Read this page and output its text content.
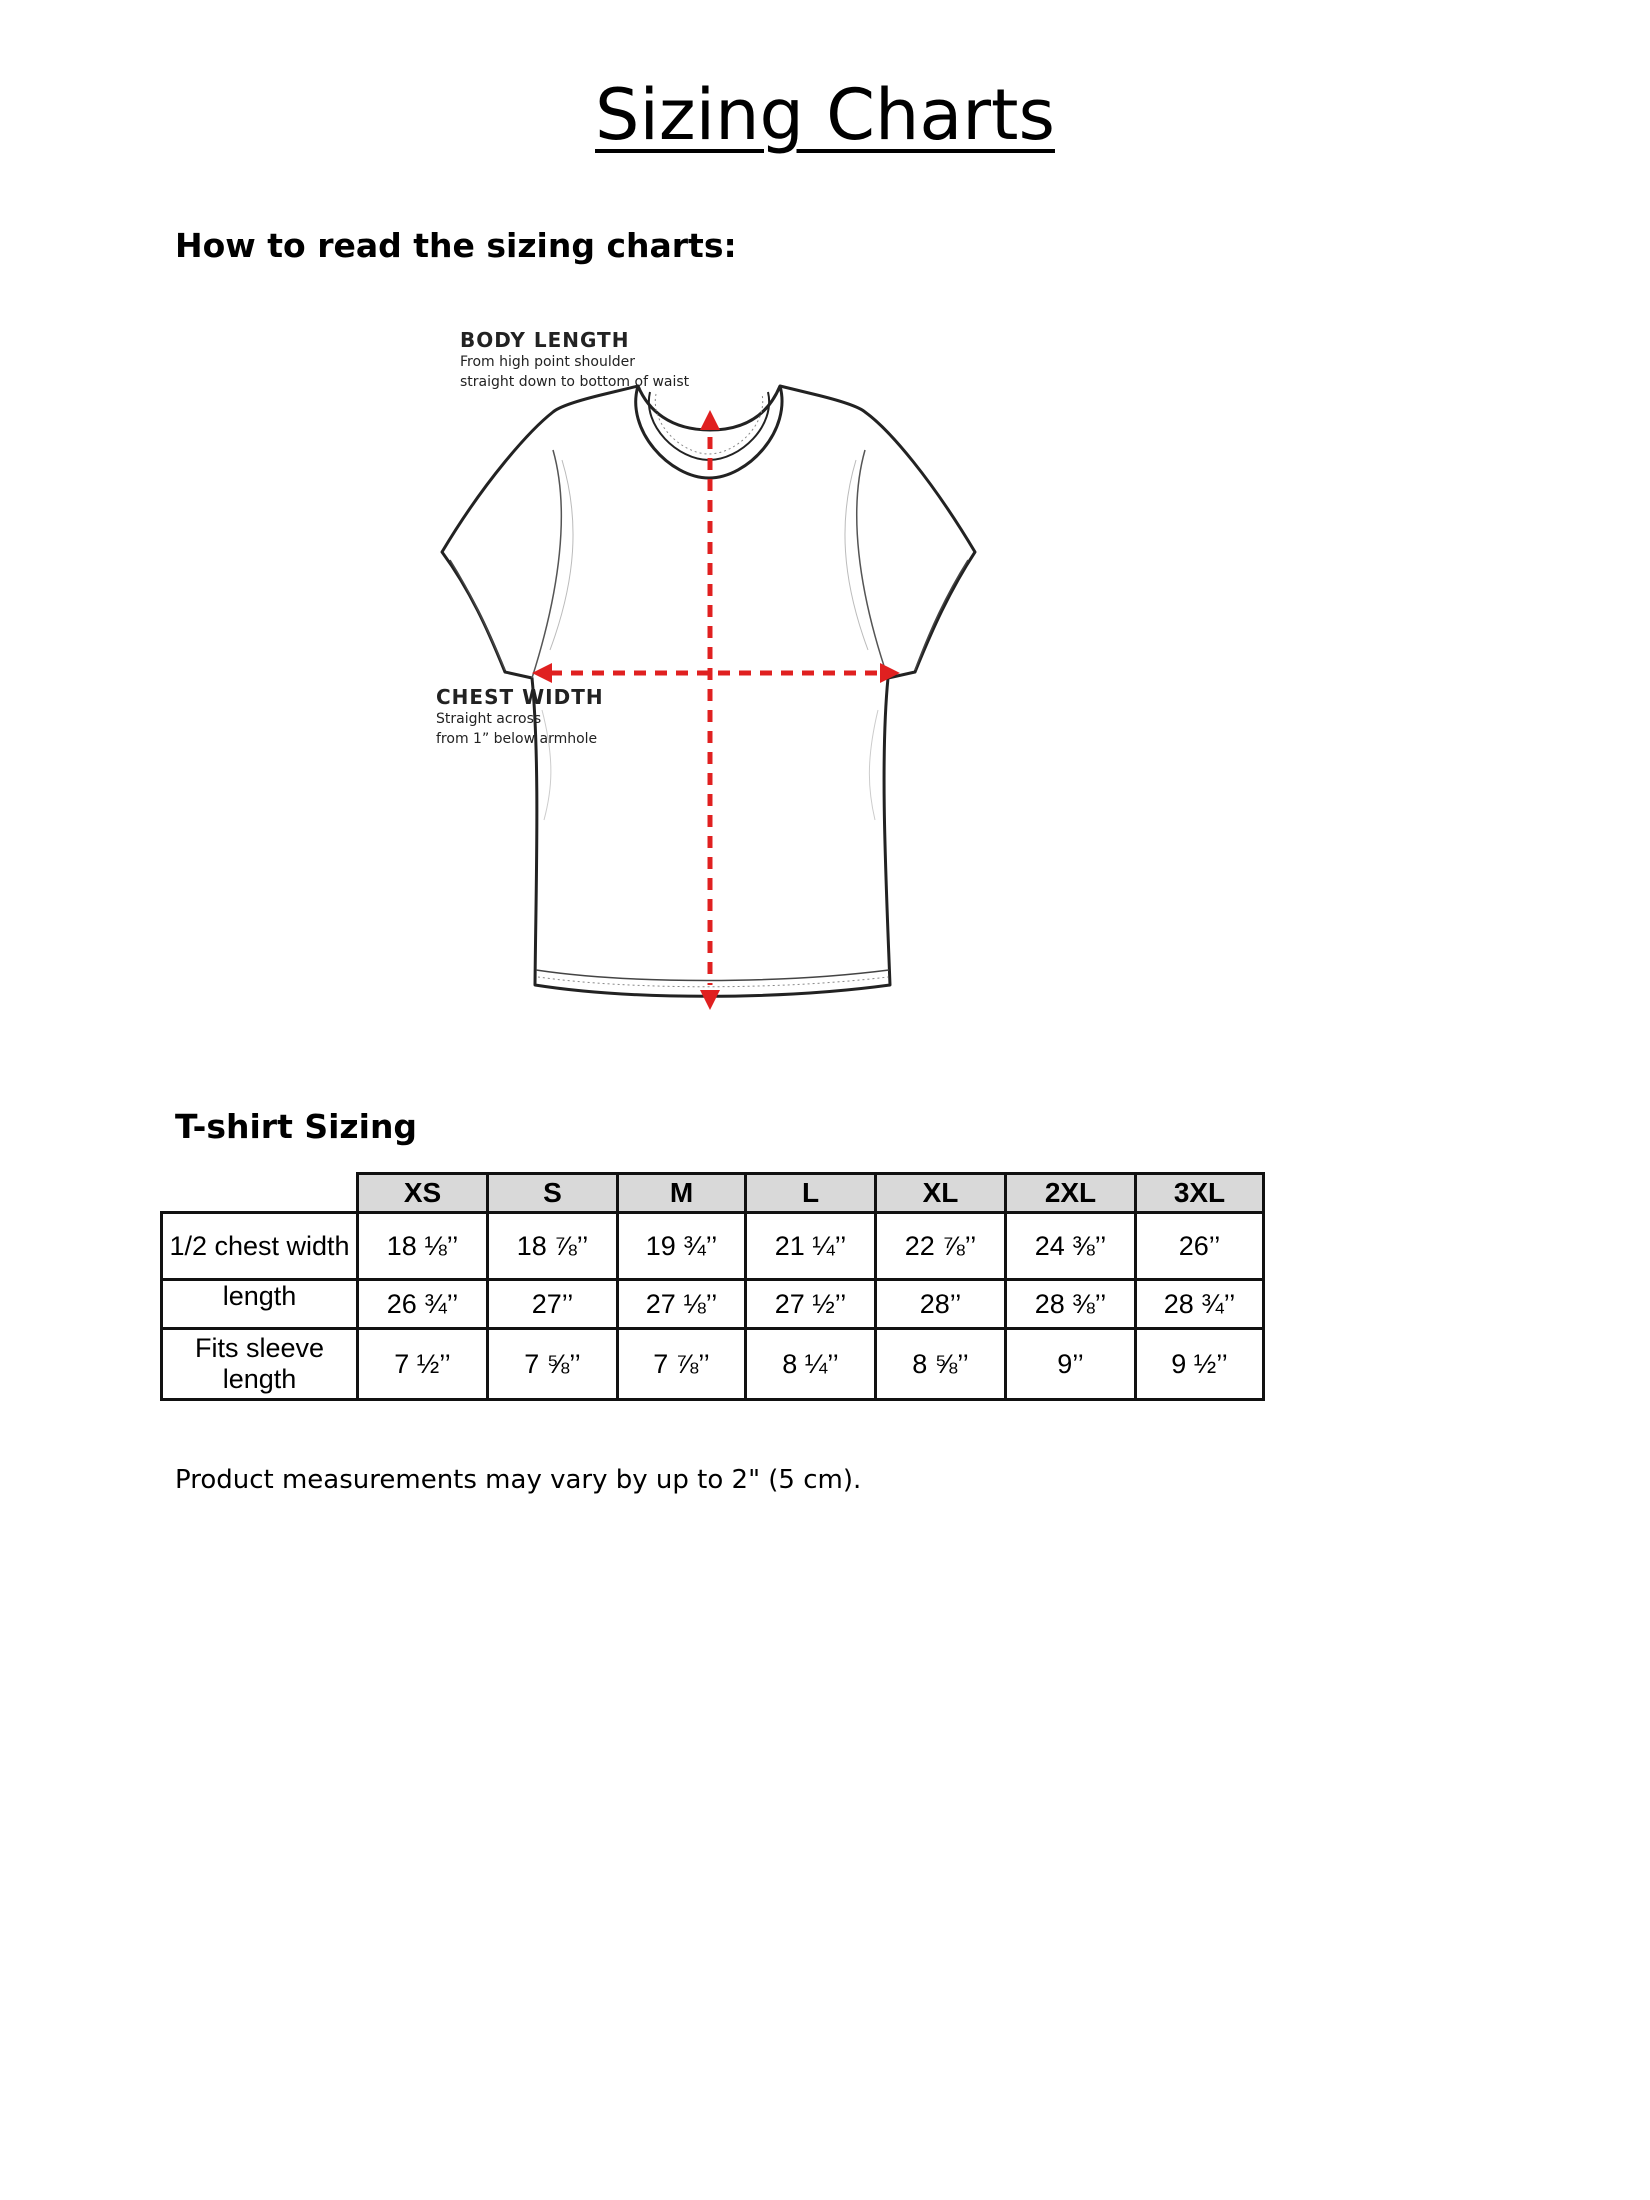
Sizing Charts
How to read the sizing charts:
BODY LENGTH
From high point shoulder
straight down to bottom of waist
CHEST WIDTH
Straight across
from 1” below armhole
T-shirt Sizing
	XS	S	M	L	XL	2XL	3XL
1/2 chest width	18 ⅛’’	18 ⅞’’	19 ¾’’	21 ¼’’	22 ⅞’’	24 ⅜’’	26’’
length	26 ¾’’	27’’	27 ⅛’’	27 ½’’	28’’	28 ⅜’’	28 ¾’’
Fits sleeve length	7 ½’’	7 ⅝’’	7 ⅞’’	8 ¼’’	8 ⅝’’	9’’	9 ½’’
Product measurements may vary by up to 2" (5 cm).
